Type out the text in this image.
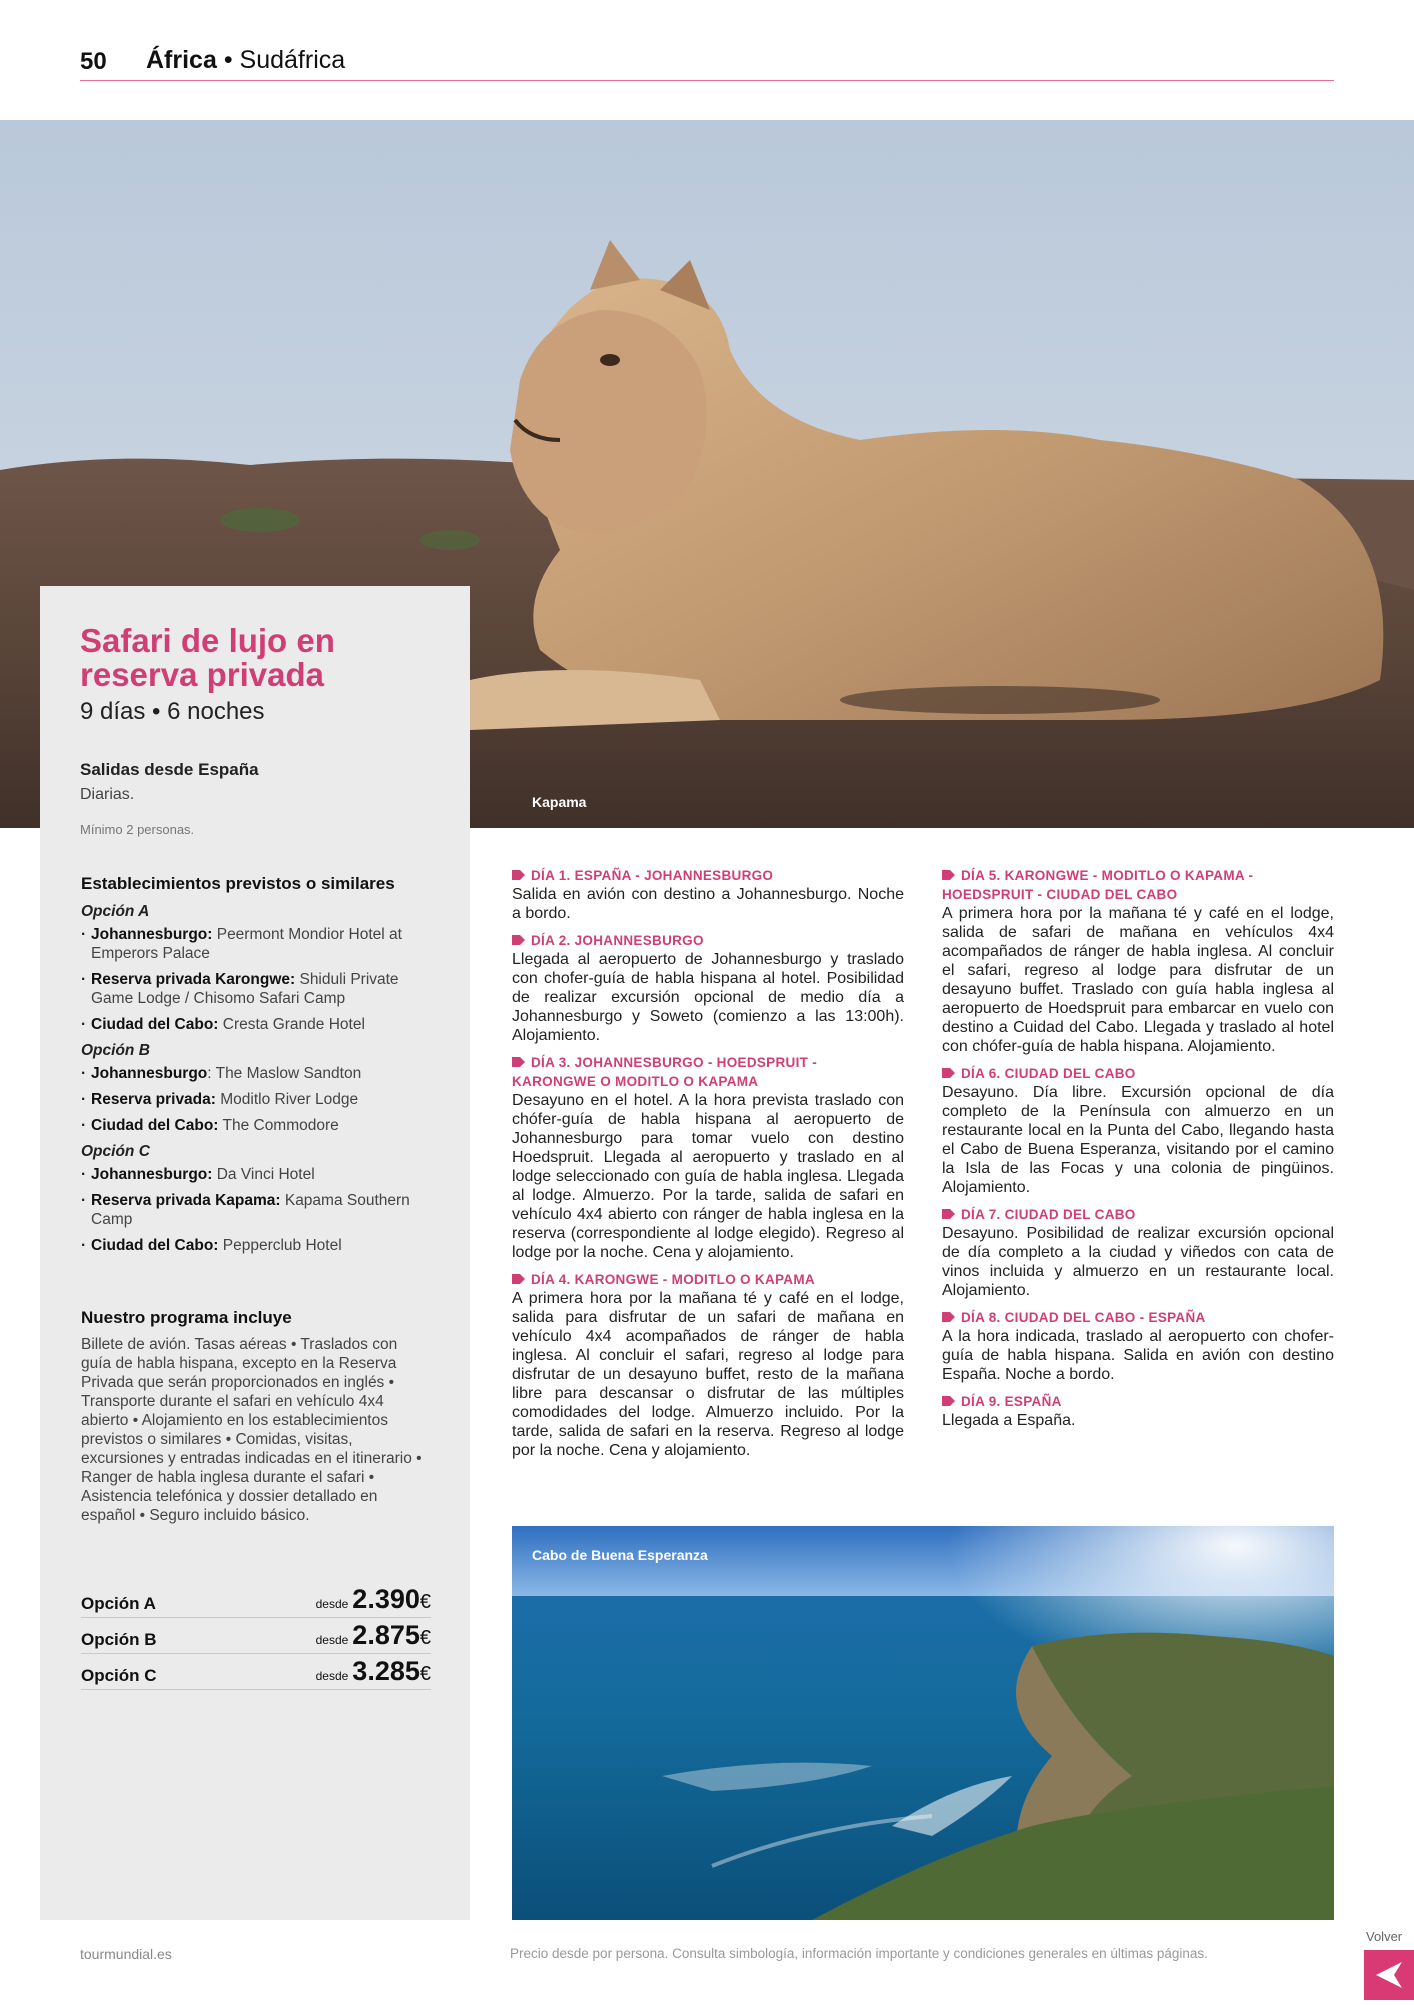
50 África • Sudáfrica
Kapama
Safari de lujo en reserva privada
9 días • 6 noches
Salidas desde España
Diarias.
Mínimo 2 personas.
Establecimientos previstos o similares
Opción A
· Johannesburgo: Peermont Mondior Hotel at Emperors Palace
· Reserva privada Karongwe: Shiduli Private Game Lodge / Chisomo Safari Camp
· Ciudad del Cabo: Cresta Grande Hotel
Opción B
· Johannesburgo: The Maslow Sandton
· Reserva privada: Moditlo River Lodge
· Ciudad del Cabo: The Commodore
Opción C
· Johannesburgo: Da Vinci Hotel
· Reserva privada Kapama: Kapama Southern Camp
· Ciudad del Cabo: Pepperclub Hotel
Nuestro programa incluye
Billete de avión. Tasas aéreas • Traslados con guía de habla hispana, excepto en la Reserva Privada que serán proporcionados en inglés • Transporte durante el safari en vehículo 4x4 abierto • Alojamiento en los establecimientos previstos o similares • Comidas, visitas, excursiones y entradas indicadas en el itinerario • Ranger de habla inglesa durante el safari • Asistencia telefónica y dossier detallado en español • Seguro incluido básico.
Opción A	desde 2.390€
Opción B	desde 2.875€
Opción C	desde 3.285€
DÍA 1. ESPAÑA - JOHANNESBURGO
Salida en avión con destino a Johannesburgo. Noche a bordo.
DÍA 2. JOHANNESBURGO
Llegada al aeropuerto de Johannesburgo y traslado con chofer-guía de habla hispana al hotel. Posibilidad de realizar excursión opcional de medio día a Johannesburgo y Soweto (comienzo a las 13:00h). Alojamiento.
DÍA 3. JOHANNESBURGO - HOEDSPRUIT - KARONGWE O MODITLO O KAPAMA
Desayuno en el hotel. A la hora prevista traslado con chófer-guía de habla hispana al aeropuerto de Johannesburgo para tomar vuelo con destino Hoedspruit. Llegada al aeropuerto y traslado en al lodge seleccionado con guía de habla inglesa. Llegada al lodge. Almuerzo. Por la tarde, salida de safari en vehículo 4x4 abierto con ránger de habla inglesa en la reserva (correspondiente al lodge elegido). Regreso al lodge por la noche. Cena y alojamiento.
DÍA 4. KARONGWE - MODITLO O KAPAMA
A primera hora por la mañana té y café en el lodge, salida para disfrutar de un safari de mañana en vehículo 4x4 acompañados de ránger de habla inglesa. Al concluir el safari, regreso al lodge para disfrutar de un desayuno buffet, resto de la mañana libre para descansar o disfrutar de las múltiples comodidades del lodge. Almuerzo incluido. Por la tarde, salida de safari en la reserva. Regreso al lodge por la noche. Cena y alojamiento.
DÍA 5. KARONGWE - MODITLO O KAPAMA - HOEDSPRUIT - CIUDAD DEL CABO
A primera hora por la mañana té y café en el lodge, salida de safari de mañana en vehículos 4x4 acompañados de ránger de habla inglesa. Al concluir el safari, regreso al lodge para disfrutar de un desayuno buffet. Traslado con guía habla inglesa al aeropuerto de Hoedspruit para embarcar en vuelo con destino a Cuidad del Cabo. Llegada y traslado al hotel con chófer-guía de habla hispana. Alojamiento.
DÍA 6. CIUDAD DEL CABO
Desayuno. Día libre. Excursión opcional de día completo de la Península con almuerzo en un restaurante local en la Punta del Cabo, llegando hasta el Cabo de Buena Esperanza, visitando por el camino la Isla de las Focas y una colonia de pingüinos. Alojamiento.
DÍA 7. CIUDAD DEL CABO
Desayuno. Posibilidad de realizar excursión opcional de día completo a la ciudad y viñedos con cata de vinos incluida y almuerzo en un restaurante local. Alojamiento.
DÍA 8. CIUDAD DEL CABO - ESPAÑA
A la hora indicada, traslado al aeropuerto con chofer-guía de habla hispana. Salida en avión con destino España. Noche a bordo.
DÍA 9. ESPAÑA
Llegada a España.
Cabo de Buena Esperanza
tourmundial.es	Precio desde por persona. Consulta simbología, información importante y condiciones generales en últimas páginas.
Volver
